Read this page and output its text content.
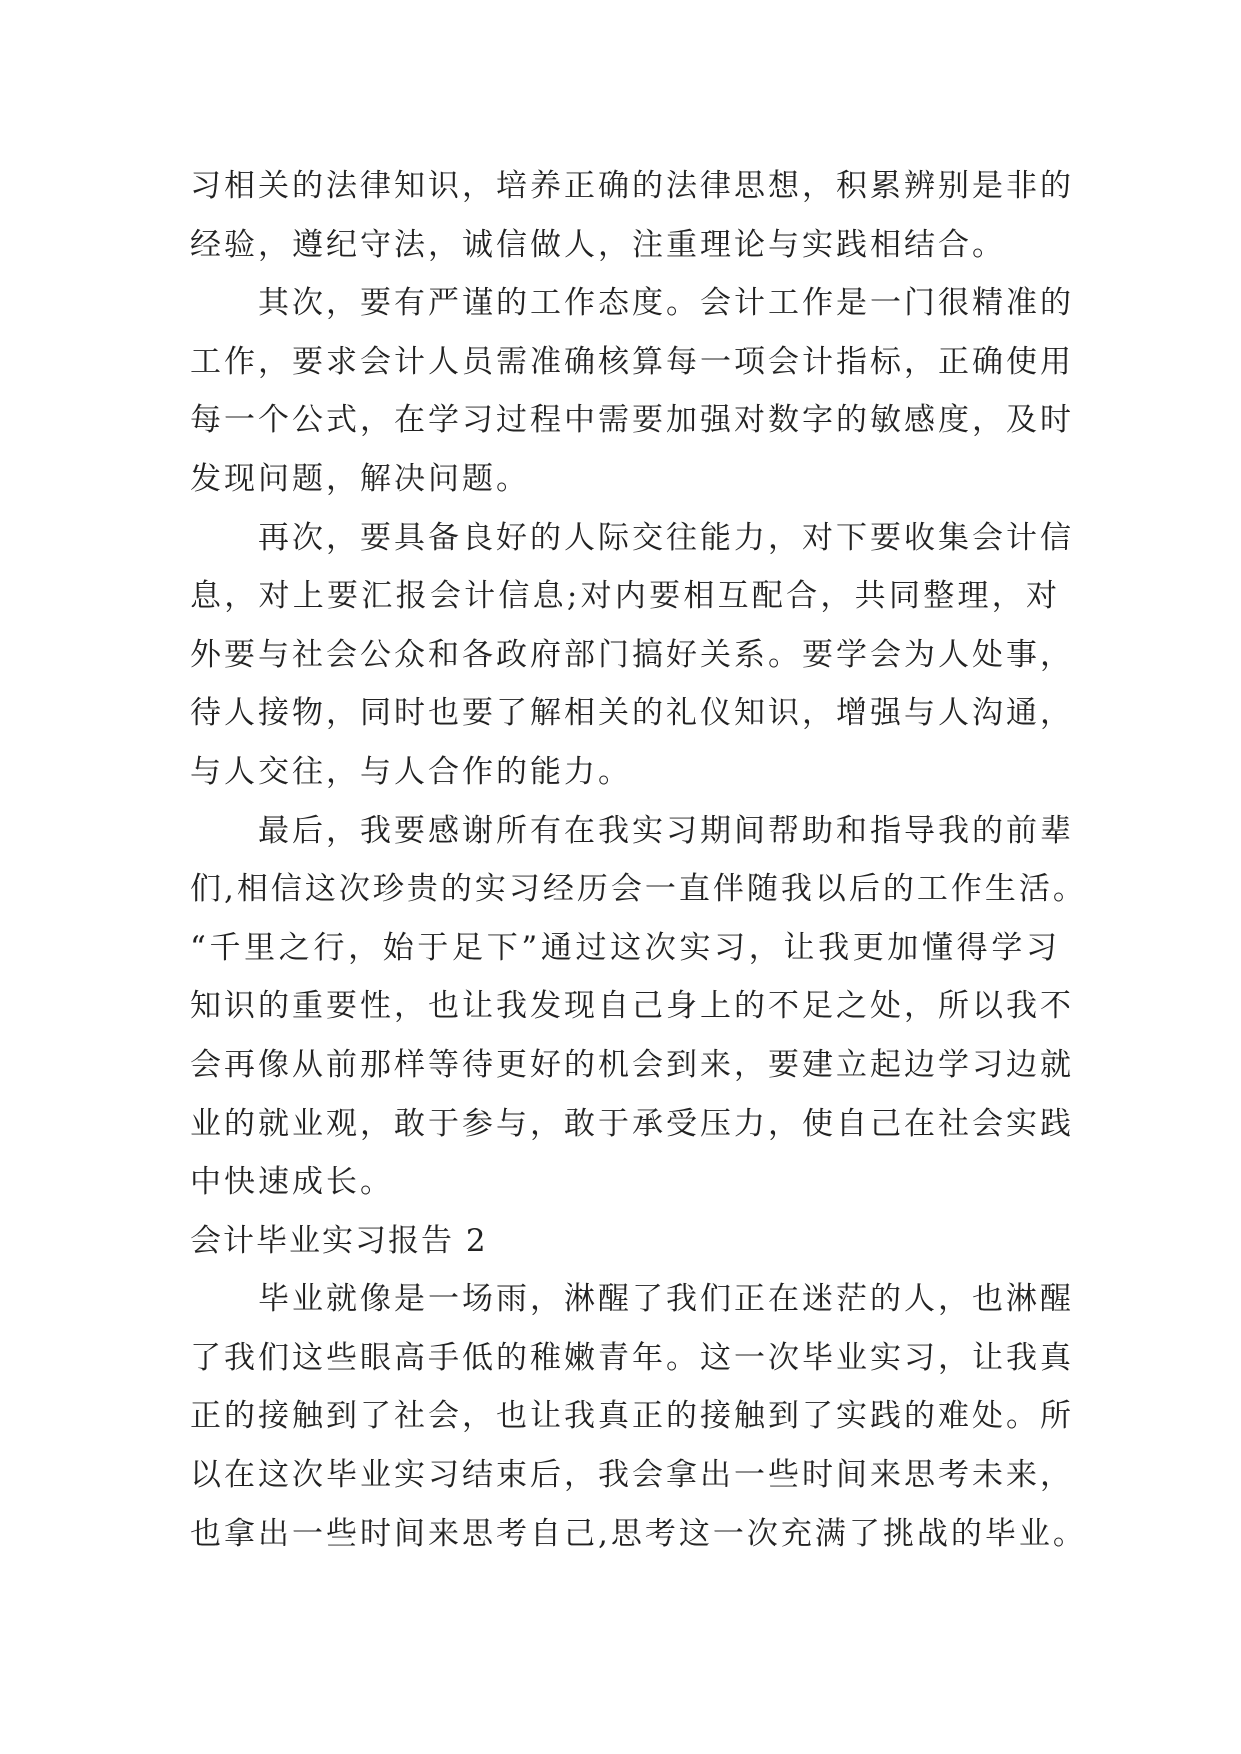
习相关的法律知识，培养正确的法律思想，积累辨别是非的
经验，遵纪守法，诚信做人，注重理论与实践相结合。
其次，要有严谨的工作态度。会计工作是一门很精准的
工作，要求会计人员需准确核算每一项会计指标，正确使用
每一个公式，在学习过程中需要加强对数字的敏感度，及时
发现问题，解决问题。
再次，要具备良好的人际交往能力，对下要收集会计信
息，对上要汇报会计信息;对内要相互配合，共同整理，对
外要与社会公众和各政府部门搞好关系。要学会为人处事，
待人接物，同时也要了解相关的礼仪知识，增强与人沟通，
与人交往，与人合作的能力。
最后，我要感谢所有在我实习期间帮助和指导我的前辈
们,相信这次珍贵的实习经历会一直伴随我以后的工作生活。
“千里之行，始于足下”通过这次实习，让我更加懂得学习
知识的重要性，也让我发现自己身上的不足之处，所以我不
会再像从前那样等待更好的机会到来，要建立起边学习边就
业的就业观，敢于参与，敢于承受压力，使自己在社会实践
中快速成长。
会计毕业实习报告 2
毕业就像是一场雨，淋醒了我们正在迷茫的人，也淋醒
了我们这些眼高手低的稚嫩青年。这一次毕业实习，让我真
正的接触到了社会，也让我真正的接触到了实践的难处。所
以在这次毕业实习结束后，我会拿出一些时间来思考未来，
也拿出一些时间来思考自己,思考这一次充满了挑战的毕业。
